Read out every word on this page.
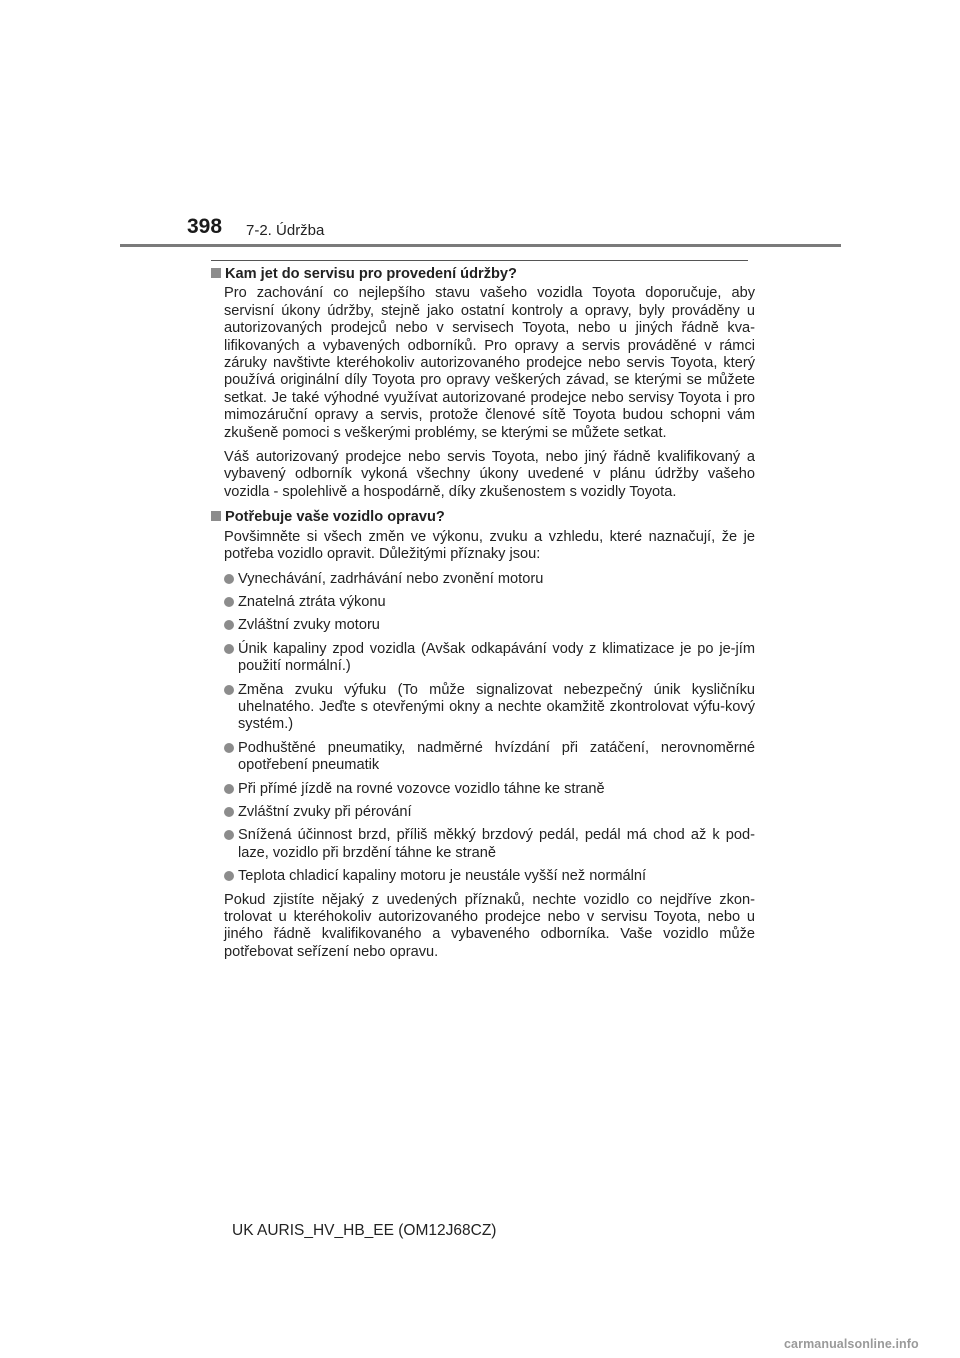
398 7-2. Údržba
Kam jet do servisu pro provedení údržby?

Pro zachování co nejlepšího stavu vašeho vozidla Toyota doporučuje, aby servisní úkony údržby, stejně jako ostatní kontroly a opravy, byly prováděny u autorizovaných prodejců nebo v servisech Toyota, nebo u jiných řádně kva-lifikovaných a vybavených odborníků. Pro opravy a servis prováděné v rámci záruky navštivte kteréhokoliv autorizovaného prodejce nebo servis Toyota, který používá originální díly Toyota pro opravy veškerých závad, se kterými se můžete setkat. Je také výhodné využívat autorizované prodejce nebo servisy Toyota i pro mimozáruční opravy a servis, protože členové sítě Toyota budou schopni vám zkušeně pomoci s veškerými problémy, se kterými se můžete setkat.

Váš autorizovaný prodejce nebo servis Toyota, nebo jiný řádně kvalifikovaný a vybavený odborník vykoná všechny úkony uvedené v plánu údržby vašeho vozidla - spolehlivě a hospodárně, díky zkušenostem s vozidly Toyota.

Potřebuje vaše vozidlo opravu?

Povšimněte si všech změn ve výkonu, zvuku a vzhledu, které naznačují, že je potřeba vozidlo opravit. Důležitými příznaky jsou:

Vynechávání, zadrhávání nebo zvonění motoru
Znatelná ztráta výkonu
Zvláštní zvuky motoru
Únik kapaliny zpod vozidla (Avšak odkapávání vody z klimatizace je po je-jím použití normální.)
Změna zvuku výfuku (To může signalizovat nebezpečný únik kysličníku uhelnatého. Jeďte s otevřenými okny a nechte okamžitě zkontrolovat výfu-kový systém.)
Podhuštěné pneumatiky, nadměrné hvízdání při zatáčení, nerovnoměrné opotřebení pneumatik
Při přímé jízdě na rovné vozovce vozidlo táhne ke straně
Zvláštní zvuky při pérování
Snížená účinnost brzd, příliš měkký brzdový pedál, pedál má chod až k pod-laze, vozidlo při brzdění táhne ke straně
Teplota chladicí kapaliny motoru je neustále vyšší než normální

Pokud zjistíte nějaký z uvedených příznaků, nechte vozidlo co nejdříve zkon-trolovat u kteréhokoliv autorizovaného prodejce nebo v servisu Toyota, nebo u jiného řádně kvalifikovaného a vybaveného odborníka. Vaše vozidlo může potřebovat seřízení nebo opravu.

UK AURIS_HV_HB_EE (OM12J68CZ)
carmanualsonline.info
